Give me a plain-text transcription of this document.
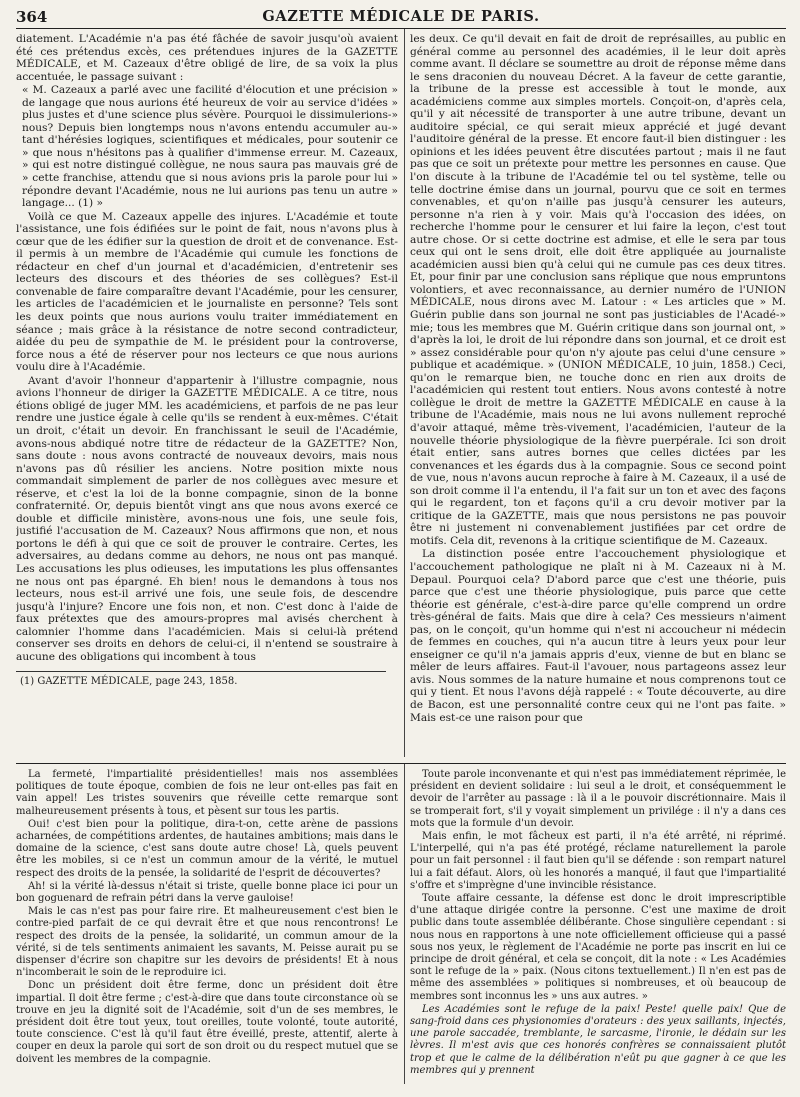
364	GAZETTE MÉDICALE DE PARIS.

diatement. L'Académie n'a pas été fâchée de savoir jusqu'où avaient été ces prétendus excès, ces prétendues injures de la GAZETTE MÉDICALE, et M. Cazeaux d'être obligé de lire, de sa voix la plus accentuée, le passage suivant :

« M. Cazeaux a parlé avec une facilité d'élocution et une précision » de langage que nous aurions été heureux de voir au service d'idées » plus justes et d'une science plus sévère. Pourquoi le dissimulerions-» nous? Depuis bien longtemps nous n'avons entendu accumuler au-» tant d'hérésies logiques, scientifiques et médicales, pour soutenir ce » que nous n'hésitons pas à qualifier d'immense erreur. M. Cazeaux, » qui est notre distingué collègue, ne nous saura pas mauvais gré de » cette franchise, attendu que si nous avions pris la parole pour lui » répondre devant l'Académie, nous ne lui aurions pas tenu un autre » langage... (1) »

Voilà ce que M. Cazeaux appelle des injures. L'Académie et toute l'assistance, une fois édifiées sur le point de fait, nous n'avons plus à cœur que de les édifier sur la question de droit et de convenance. Est-il permis à un membre de l'Académie qui cumule les fonctions de rédacteur en chef d'un journal et d'académicien, d'entretenir ses lecteurs des discours et des théories de ses collègues? Est-il convenable de faire comparaître devant l'Académie, pour les censurer, les articles de l'académicien et le journaliste en personne? Tels sont les deux points que nous aurions voulu traiter immédiatement en séance ; mais grâce à la résistance de notre second contradicteur, aidée du peu de sympathie de M. le président pour la controverse, force nous a été de réserver pour nos lecteurs ce que nous aurions voulu dire à l'Académie.

Avant d'avoir l'honneur d'appartenir à l'illustre compagnie, nous avions l'honneur de diriger la GAZETTE MÉDICALE. A ce titre, nous étions obligé de juger MM. les académiciens, et parfois de ne pas leur rendre une justice égale à celle qu'ils se rendent à eux-mêmes. C'était un droit, c'était un devoir. En franchissant le seuil de l'Académie, avons-nous abdiqué notre titre de rédacteur de la GAZETTE? Non, sans doute : nous avons contracté de nouveaux devoirs, mais nous n'avons pas dû résilier les anciens. Notre position mixte nous commandait simplement de parler de nos collègues avec mesure et réserve, et c'est la loi de la bonne compagnie, sinon de la bonne confraternité. Or, depuis bientôt vingt ans que nous avons exercé ce double et difficile ministère, avons-nous une fois, une seule fois, justifié l'accusation de M. Cazeaux? Nous affirmons que non, et nous portons le défi à qui que ce soit de prouver le contraire. Certes, les adversaires, au dedans comme au dehors, ne nous ont pas manqué. Les accusations les plus odieuses, les imputations les plus offensantes ne nous ont pas épargné. Eh bien! nous le demandons à tous nos lecteurs, nous est-il arrivé une fois, une seule fois, de descendre jusqu'à l'injure? Encore une fois non, et non. C'est donc à l'aide de faux prétextes que des amours-propres mal avisés cherchent à calomnier l'homme dans l'académicien. Mais si celui-là prétend conserver ses droits en dehors de celui-ci, il n'entend se soustraire à aucune des obligations qui incombent à tous

(1) GAZETTE MÉDICALE, page 243, 1858.

les deux. Ce qu'il devait en fait de droit de représailles, au public en général comme au personnel des académies, il le leur doit après comme avant. Il déclare se soumettre au droit de réponse même dans le sens draconien du nouveau Décret. A la faveur de cette garantie, la tribune de la presse est accessible à tout le monde, aux académiciens comme aux simples mortels. Conçoit-on, d'après cela, qu'il y ait nécessité de transporter à une autre tribune, devant un auditoire spécial, ce qui serait mieux apprécié et jugé devant l'auditoire général de la presse. Et encore faut-il bien distinguer : les opinions et les idées peuvent être discutées partout ; mais il ne faut pas que ce soit un prétexte pour mettre les personnes en cause. Que l'on discute à la tribune de l'Académie tel ou tel système, telle ou telle doctrine émise dans un journal, pourvu que ce soit en termes convenables, et qu'on n'aille pas jusqu'à censurer les auteurs, personne n'a rien à y voir. Mais qu'à l'occasion des idées, on recherche l'homme pour le censurer et lui faire la leçon, c'est tout autre chose. Or si cette doctrine est admise, et elle le sera par tous ceux qui ont le sens droit, elle doit être appliquée au journaliste académicien aussi bien qu'à celui qui ne cumule pas ces deux titres. Et, pour finir par une conclusion sans réplique que nous empruntons volontiers, et avec reconnaissance, au dernier numéro de l'UNION MÉDICALE, nous dirons avec M. Latour : « Les articles que » M. Guérin publie dans son journal ne sont pas justiciables de l'Acadé-» mie; tous les membres que M. Guérin critique dans son journal ont, » d'après la loi, le droit de lui répondre dans son journal, et ce droit est » assez considérable pour qu'on n'y ajoute pas celui d'une censure » publique et académique. » (UNION MÉDICALE, 10 juin, 1858.) Ceci, qu'on le remarque bien, ne touche donc en rien aux droits de l'académicien qui restent tout entiers. Nous avons contesté à notre collègue le droit de mettre la GAZETTE MÉDICALE en cause à la tribune de l'Académie, mais nous ne lui avons nullement reproché d'avoir attaqué, même très-vivement, l'académicien, l'auteur de la nouvelle théorie physiologique de la fièvre puerpérale. Ici son droit était entier, sans autres bornes que celles dictées par les convenances et les égards dus à la compagnie. Sous ce second point de vue, nous n'avons aucun reproche à faire à M. Cazeaux, il a usé de son droit comme il l'a entendu, il l'a fait sur un ton et avec des façons qui le regardent, ton et façons qu'il a cru devoir motiver par la critique de la GAZETTE, mais que nous persistons ne pas pouvoir être ni justement ni convenablement justifiées par cet ordre de motifs. Cela dit, revenons à la critique scientifique de M. Cazeaux.

La distinction posée entre l'accouchement physiologique et l'accouchement pathologique ne plaît ni à M. Cazeaux ni à M. Depaul. Pourquoi cela? D'abord parce que c'est une théorie, puis parce que c'est une théorie physiologique, puis parce que cette théorie est générale, c'est-à-dire parce qu'elle comprend un ordre très-général de faits. Mais que dire à cela? Ces messieurs n'aiment pas, on le conçoit, qu'un homme qui n'est ni accoucheur ni médecin de femmes en couches, qui n'a aucun titre à leurs yeux pour leur enseigner ce qu'il n'a jamais appris d'eux, vienne de but en blanc se mêler de leurs affaires. Faut-il l'avouer, nous partageons assez leur avis. Nous sommes de la nature humaine et nous comprenons tout ce qui y tient. Et nous l'avons déjà rappelé : « Toute découverte, au dire de Bacon, est une personnalité contre ceux qui ne l'ont pas faite. » Mais est-ce une raison pour que

La fermeté, l'impartialité présidentielles! mais nos assemblées politiques de toute époque, combien de fois ne leur ont-elles pas fait en vain appel! Les tristes souvenirs que réveille cette remarque sont malheureusement présents à tous, et pèsent sur tous les partis.

Oui! c'est bien pour la politique, dira-t-on, cette arène de passions acharnées, de compétitions ardentes, de hautaines ambitions; mais dans le domaine de la science, c'est sans doute autre chose! Là, quels peuvent être les mobiles, si ce n'est un commun amour de la vérité, le mutuel respect des droits de la pensée, la solidarité de l'esprit de découvertes?

Ah! si la vérité là-dessus n'était si triste, quelle bonne place ici pour un bon goguenard de refrain pétri dans la verve gauloise!

Mais le cas n'est pas pour faire rire. Et malheureusement c'est bien le contre-pied parfait de ce qui devrait être et que nous rencontrons! Le respect des droits de la pensée, la solidarité, un commun amour de la vérité, si de tels sentiments animaient les savants, M. Peisse aurait pu se dispenser d'écrire son chapitre sur les devoirs de présidents! Et à nous n'incomberait le soin de le reproduire ici.

Donc un président doit être ferme, donc un président doit être impartial. Il doit être ferme ; c'est-à-dire que dans toute circonstance où se trouve en jeu la dignité soit de l'Académie, soit d'un de ses membres, le président doit être tout yeux, tout oreilles, toute volonté, toute autorité, toute conscience. C'est là qu'il faut être éveillé, preste, attentif, alerte à couper en deux la parole qui sort de son droit ou du respect mutuel que se doivent les membres de la compagnie.

Toute parole inconvenante et qui n'est pas immédiatement réprimée, le président en devient solidaire : lui seul a le droit, et conséquemment le devoir de l'arrêter au passage : là il a le pouvoir discrétionnaire. Mais il se tromperait fort, s'il y voyait simplement un privilége : il n'y a dans ces mots que la formule d'un devoir.

Mais enfin, le mot fâcheux est parti, il n'a été arrêté, ni réprimé. L'interpellé, qui n'a pas été protégé, réclame naturellement la parole pour un fait personnel : il faut bien qu'il se défende : son rempart naturel lui a fait défaut. Alors, où les honorés a manqué, il faut que l'impartialité s'offre et s'imprègne d'une invincible résistance.

Toute affaire cessante, la défense est donc le droit imprescriptible d'une attaque dirigée contre la personne. C'est une maxime de droit public dans toute assemblée délibérante. Chose singulière cependant : si nous nous en rapportons à une note officiellement officieuse qui a passé sous nos yeux, le règlement de l'Académie ne porte pas inscrit en lui ce principe de droit général, et cela se conçoit, dit la note : « Les Académies sont le refuge de la » paix. (Nous citons textuellement.) Il n'en est pas de même des assemblées » politiques si nombreuses, et où beaucoup de membres sont inconnus les » uns aux autres. »

Les Académies sont le refuge de la paix! Peste! quelle paix! Que de sang-froid dans ces physionomies d'orateurs : des yeux saillants, injectés, une parole saccadée, tremblante, le sarcasme, l'ironie, le dédain sur les lèvres. Il m'est avis que ces honorés confrères se connaissaient plutôt trop et que le calme de la délibération n'eût pu que gagner à ce que les membres qui y prennent
